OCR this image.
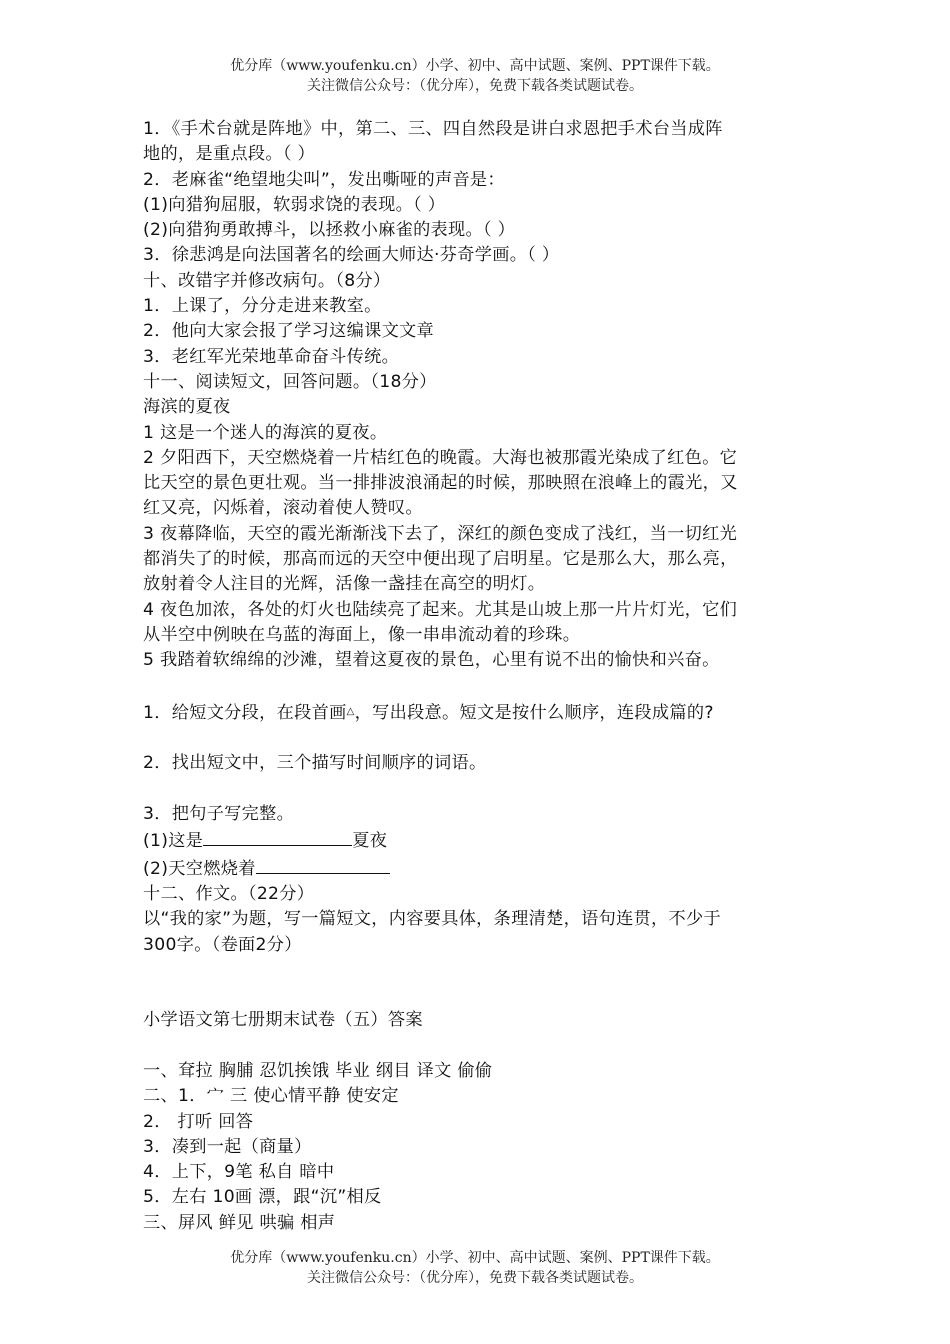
优分库（www.youfenku.cn）小学、初中、高中试题、案例、PPT课件下载。
关注微信公众号：（优分库），免费下载各类试题试卷。

1．《手术台就是阵地》中，第二、三、四自然段是讲白求恩把手术台当成阵

地的，是重点段。（ ）

2．老麻雀“绝望地尖叫”，发出嘶哑的声音是：

(1)向猎狗屈服，软弱求饶的表现。（ ）

(2)向猎狗勇敢搏斗，以拯救小麻雀的表现。（ ）

3．徐悲鸿是向法国著名的绘画大师达·芬奇学画。（ ）

十、改错字并修改病句。（8分）

1．上课了，分分走进来教室。

2．他向大家会报了学习这编课文文章

3．老红军光荣地革命奋斗传统。

十一、阅读短文，回答问题。（18分）

海滨的夏夜

1 这是一个迷人的海滨的夏夜。

2 夕阳西下，天空燃烧着一片桔红色的晚霞。大海也被那霞光染成了红色。它

比天空的景色更壮观。当一排排波浪涌起的时候，那映照在浪峰上的霞光，又

红又亮，闪烁着，滚动着使人赞叹。

3 夜幕降临，天空的霞光渐渐浅下去了，深红的颜色变成了浅红，当一切红光

都消失了的时候，那高而远的天空中便出现了启明星。它是那么大，那么亮，

放射着令人注目的光辉，活像一盏挂在高空的明灯。

4 夜色加浓，各处的灯火也陆续亮了起来。尤其是山坡上那一片片灯光，它们

从半空中例映在乌蓝的海面上，像一串串流动着的珍珠。

5 我踏着软绵绵的沙滩，望着这夏夜的景色，心里有说不出的愉快和兴奋。

1．给短文分段，在段首画△，写出段意。短文是按什么顺序，连段成篇的?

2．找出短文中，三个描写时间顺序的词语。

3．把句子写完整。

(1)这是	夏夜

(2)天空燃烧着

十二、作文。（22分）

以“我的家”为题，写一篇短文，内容要具体，条理清楚，语句连贯，不少于

300字。（卷面2分）

小学语文第七册期末试卷（五）答案

一、耷拉 胸脯 忍饥挨饿 毕业 纲目 译文 偷偷

二、1．宀 三 使心情平静 使安定

2． 打听 回答

3．凑到一起（商量）

4．上下，9笔 私自 暗中

5．左右 10画 漂，跟“沉”相反

三、屏风 鲜见 哄骗 相声

优分库（www.youfenku.cn）小学、初中、高中试题、案例、PPT课件下载。
关注微信公众号：（优分库），免费下载各类试题试卷。
